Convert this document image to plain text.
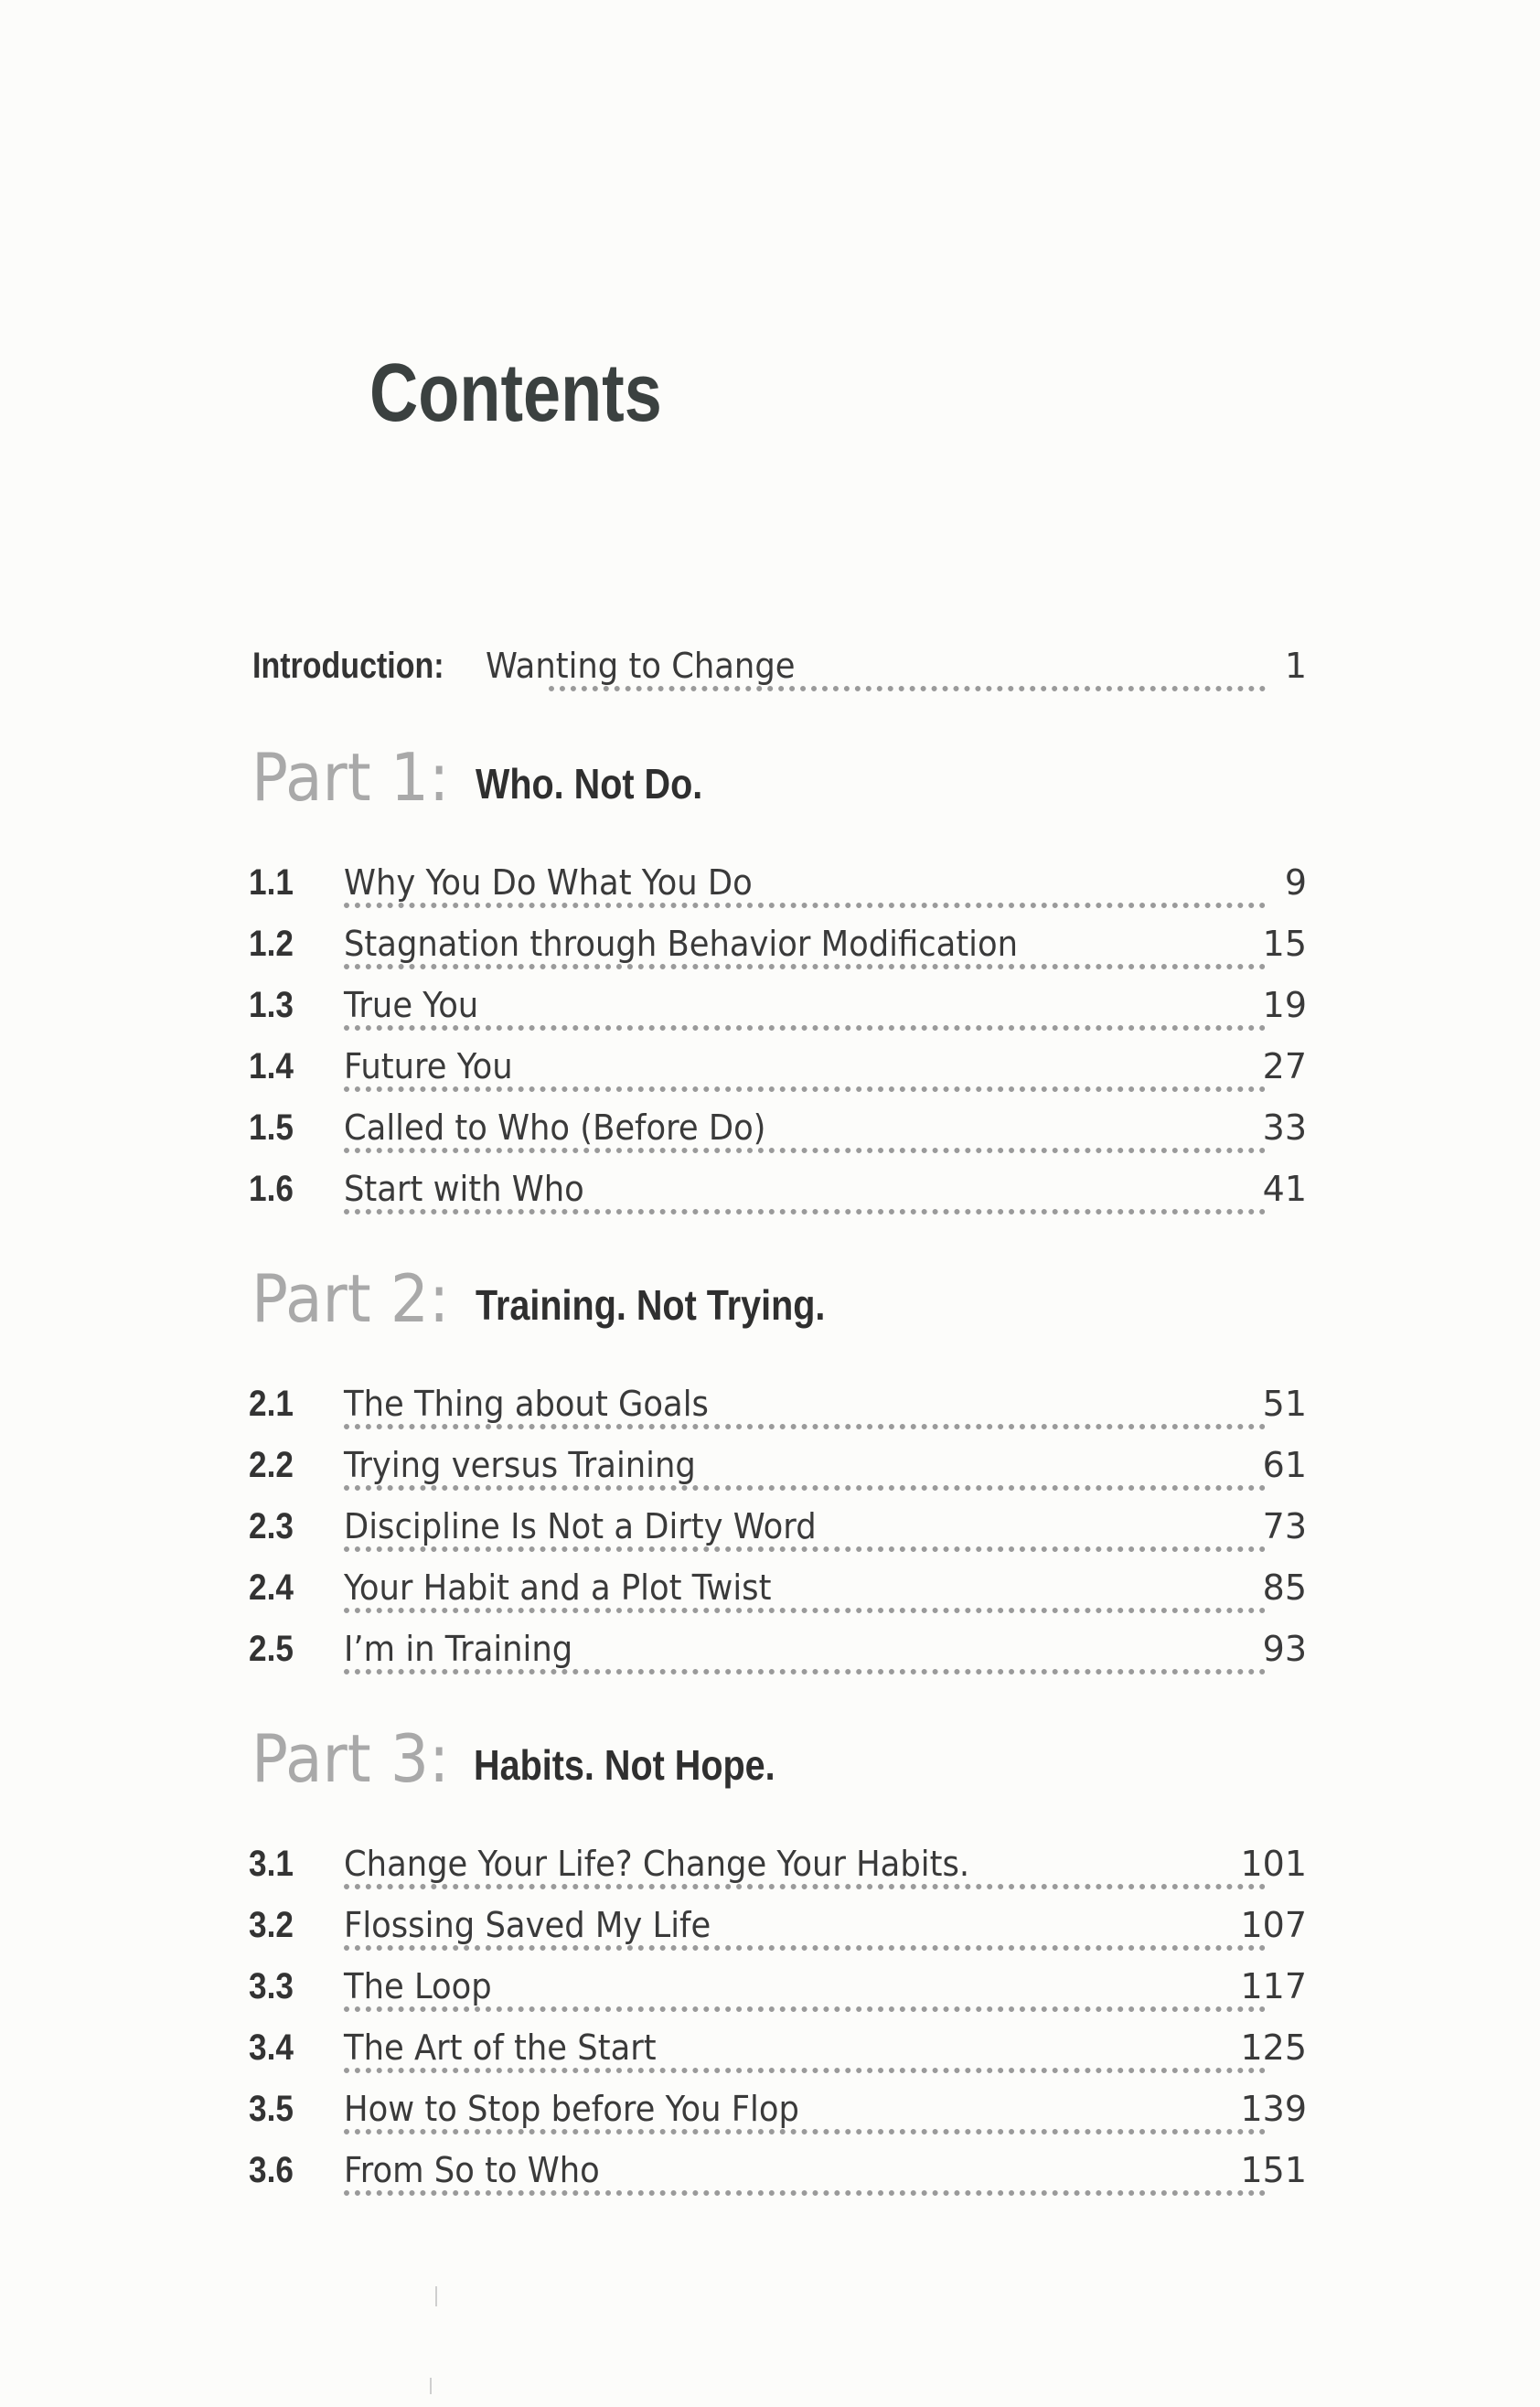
Contents
Introduction: Wanting to Change	1
Part 1: Who. Not Do.
1.1 Why You Do What You Do	9
1.2 Stagnation through Behavior Modification	15
1.3 True You	19
1.4 Future You	27
1.5 Called to Who (Before Do)	33
1.6 Start with Who	41
Part 2: Training. Not Trying.
2.1 The Thing about Goals	51
2.2 Trying versus Training	61
2.3 Discipline Is Not a Dirty Word	73
2.4 Your Habit and a Plot Twist	85
2.5 I’m in Training	93
Part 3: Habits. Not Hope.
3.1 Change Your Life? Change Your Habits.	101
3.2 Flossing Saved My Life	107
3.3 The Loop	117
3.4 The Art of the Start	125
3.5 How to Stop before You Flop	139
3.6 From So to Who	151
